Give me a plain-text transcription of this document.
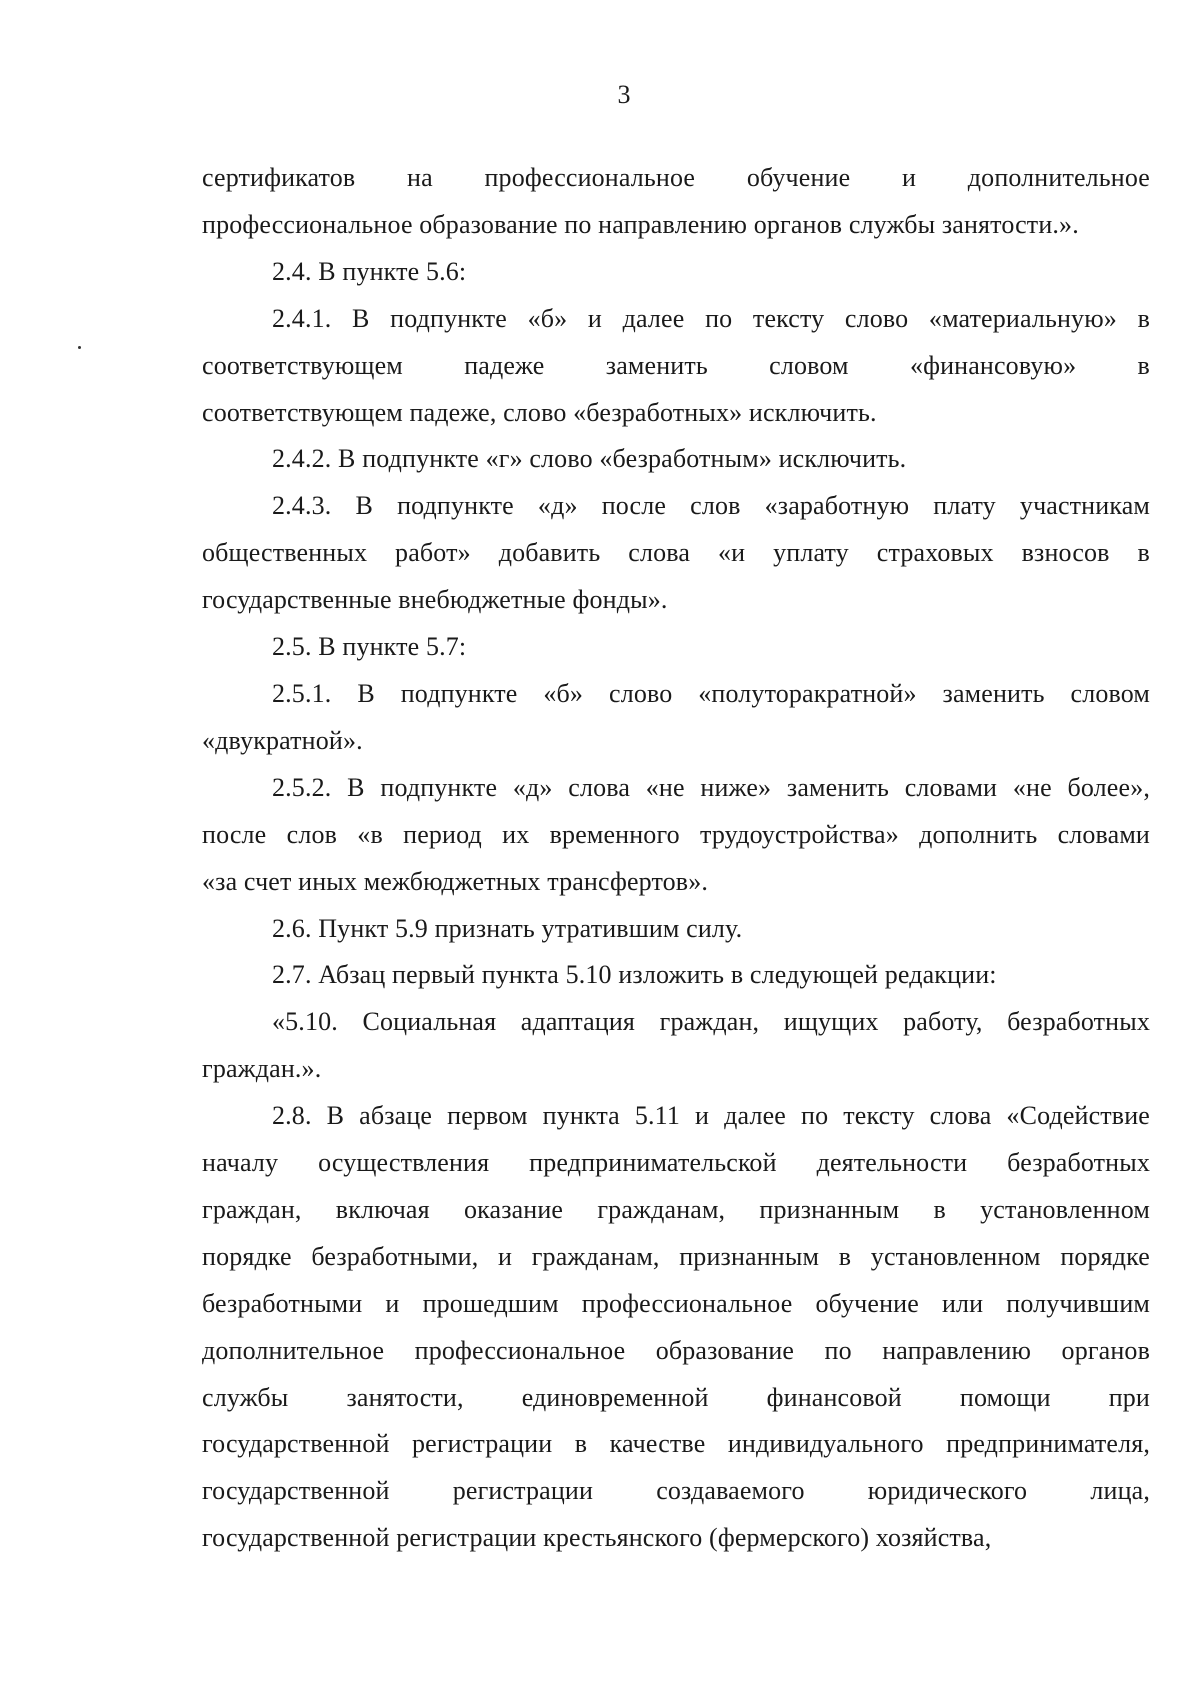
3

сертификатов на профессиональное обучение и дополнительное
профессиональное образование по направлению органов службы занятости.».

2.4. В пункте 5.6:

2.4.1. В подпункте «б» и далее по тексту слово «материальную» в
соответствующем падеже заменить словом «финансовую» в
соответствующем падеже, слово «безработных» исключить.

2.4.2. В подпункте «г» слово «безработным» исключить.

2.4.3. В подпункте «д» после слов «заработную плату участникам
общественных работ» добавить слова «и уплату страховых взносов в
государственные внебюджетные фонды».

2.5. В пункте 5.7:

2.5.1. В подпункте «б» слово «полуторакратной» заменить словом
«двукратной».

2.5.2. В подпункте «д» слова «не ниже» заменить словами «не более»,
после слов «в период их временного трудоустройства» дополнить словами
«за счет иных межбюджетных трансфертов».

2.6. Пункт 5.9 признать утратившим силу.

2.7. Абзац первый пункта 5.10 изложить в следующей редакции:

«5.10. Социальная адаптация граждан, ищущих работу, безработных
граждан.».

2.8. В абзаце первом пункта 5.11 и далее по тексту слова «Содействие
началу осуществления предпринимательской деятельности безработных
граждан, включая оказание гражданам, признанным в установленном
порядке безработными, и гражданам, признанным в установленном порядке
безработными и прошедшим профессиональное обучение или получившим
дополнительное профессиональное образование по направлению органов
службы занятости, единовременной финансовой помощи при
государственной регистрации в качестве индивидуального предпринимателя,
государственной регистрации создаваемого юридического лица,
государственной регистрации крестьянского (фермерского) хозяйства,
